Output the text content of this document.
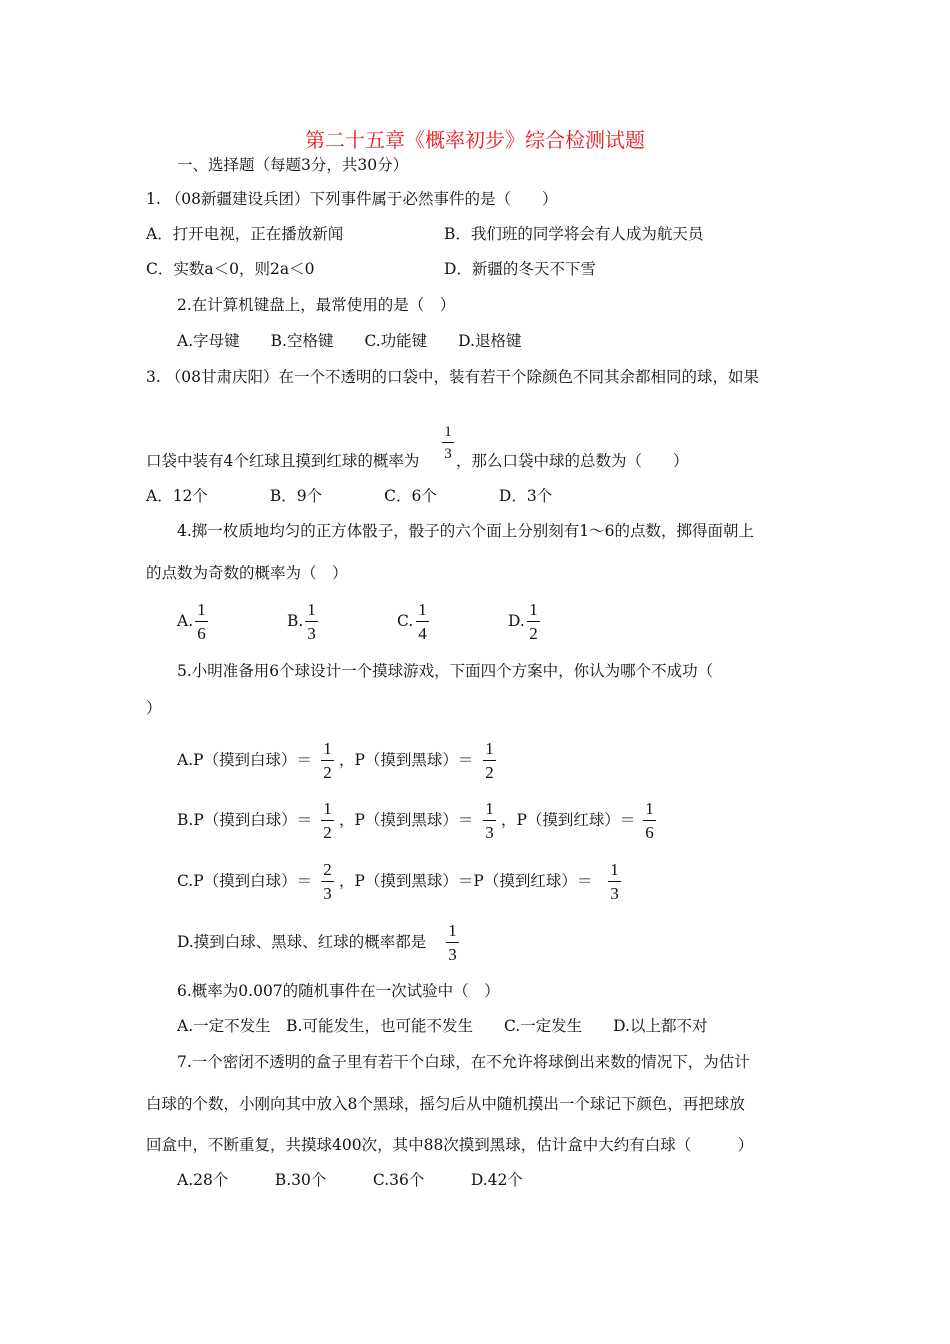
第二十五章《概率初步》综合检测试题
一、选择题（每题3分，共30分）
1. （08新疆建设兵团）下列事件属于必然事件的是（　　）
A．打开电视，正在播放新闻	B．我们班的同学将会有人成为航天员
C．实数a＜0，则2a＜0	D．新疆的冬天不下雪
2.在计算机键盘上，最常使用的是（　）
A.字母键　　B.空格键　　C.功能键　　D.退格键
3. （08甘肃庆阳）在一个不透明的口袋中，装有若干个除颜色不同其余都相同的球，如果
口袋中装有4个红球且摸到红球的概率为
1
3 ，那么口袋中球的总数为（　　）
A．12个　　　　B．9个　　　　C．6个　　　　D．3个
4.掷一枚质地均匀的正方体骰子，骰子的六个面上分别刻有1～6的点数，掷得面朝上
的点数为奇数的概率为（　）
A.
1
6
B.
1
3
C.
1
4
D.
1
2
5.小明准备用6个球设计一个摸球游戏，下面四个方案中，你认为哪个不成功（
）
A.P（摸到白球）＝
1
2
，P（摸到黑球）＝
1
2
B.P（摸到白球）＝
1
2
，P（摸到黑球）＝
1
3
，P（摸到红球）＝
1
6
C.P（摸到白球）＝
2
3
，P（摸到黑球）＝P（摸到红球）＝
1
3
D.摸到白球、黑球、红球的概率都是
1
3
6.概率为0.007的随机事件在一次试验中（　）
A.一定不发生　B.可能发生，也可能不发生　　C.一定发生　　D.以上都不对
7.一个密闭不透明的盒子里有若干个白球，在不允许将球倒出来数的情况下，为估计
白球的个数，小刚向其中放入8个黑球，摇匀后从中随机摸出一个球记下颜色，再把球放
回盒中，不断重复，共摸球400次，其中88次摸到黑球，估计盒中大约有白球（　　　）
A.28个　　　B.30个　　　C.36个　　　D.42个
